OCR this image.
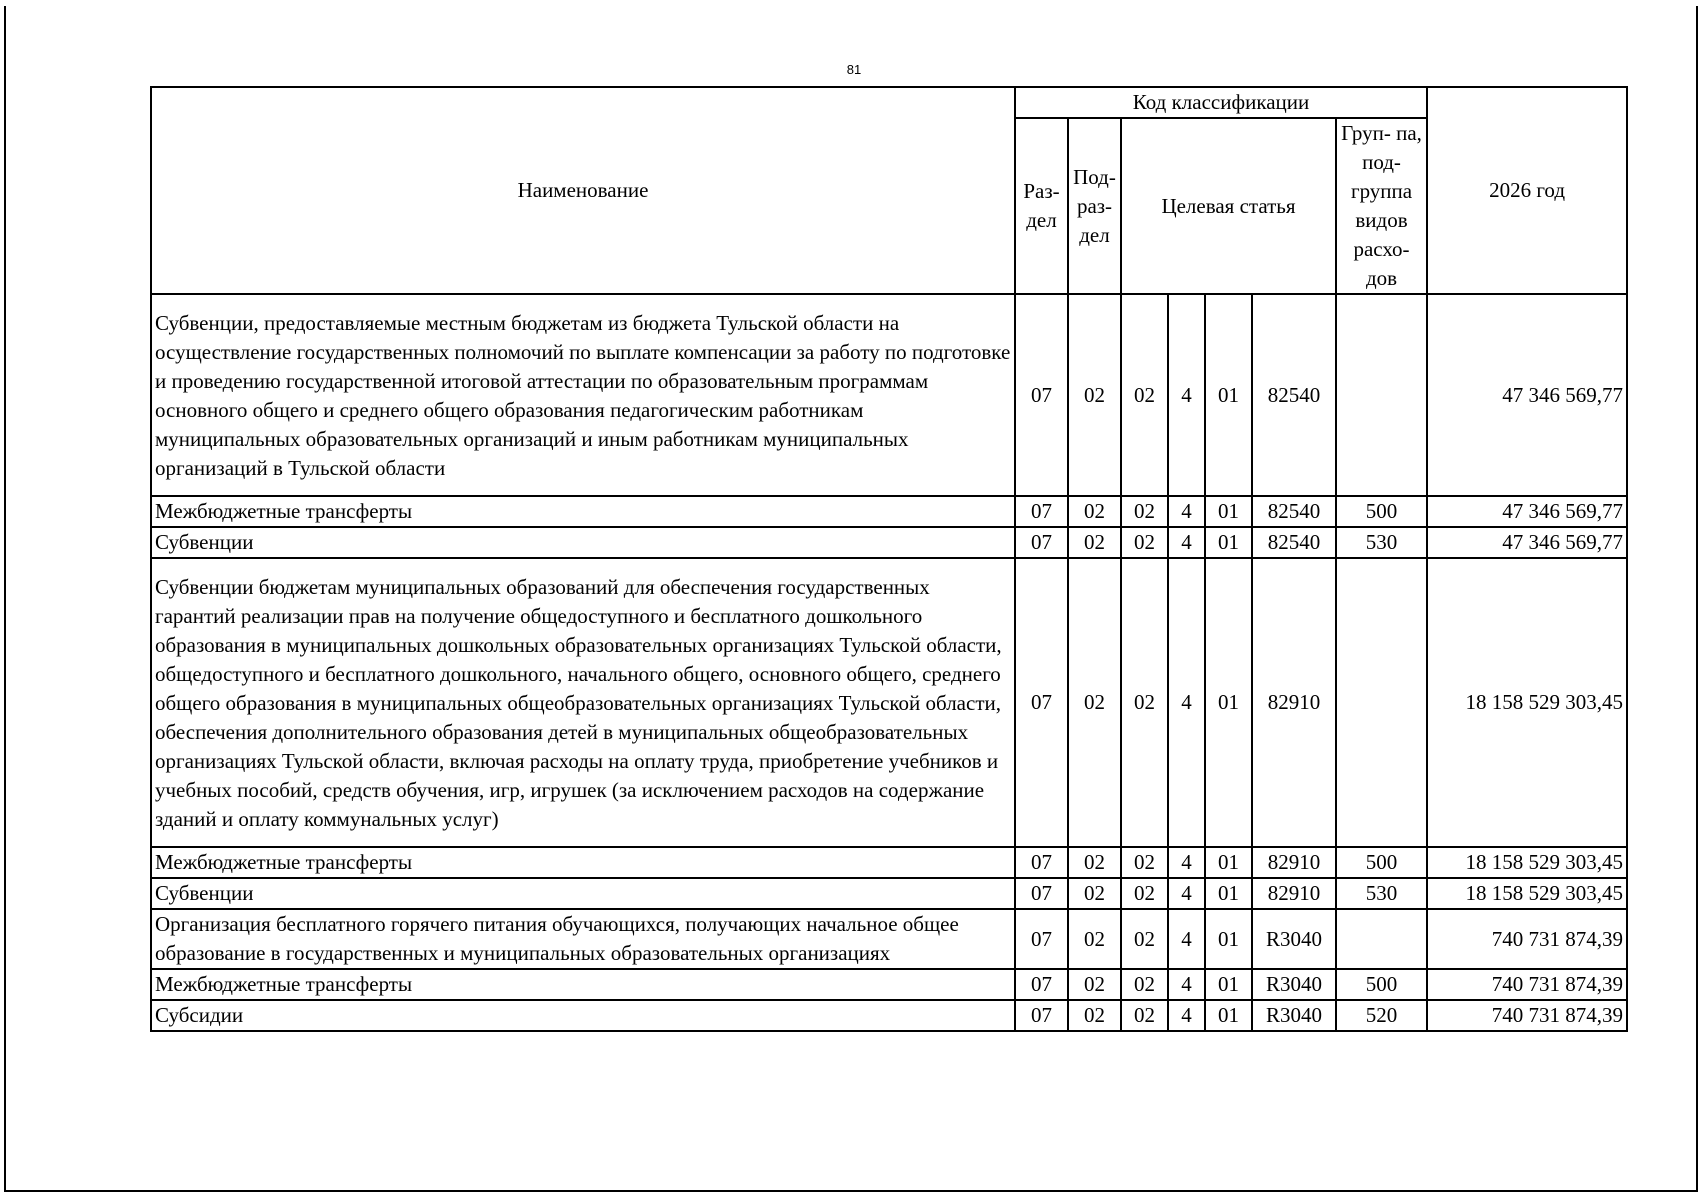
81
Наименование	Код классификации							2026 год
	Раз- дел	Под- раз- дел	Целевая статья				Груп- па, под- группа видов расхо- дов	
Субвенции, предоставляемые местным бюджетам из бюджета Тульской области на осуществление государственных полномочий по выплате компенсации за работу по подготовке и проведению государственной итоговой аттестации по образовательным программам основного общего и среднего общего образования педагогическим работникам муниципальных образовательных организаций и иным работникам муниципальных организаций в Тульской области	07	02	02	4	01	82540		47 346 569,77
Межбюджетные трансферты	07	02	02	4	01	82540	500	47 346 569,77
Субвенции	07	02	02	4	01	82540	530	47 346 569,77
Субвенции бюджетам муниципальных образований для обеспечения государственных гарантий реализации прав на получение общедоступного и бесплатного дошкольного образования в муниципальных дошкольных образовательных организациях Тульской области, общедоступного и бесплатного дошкольного, начального общего, основного общего, среднего общего образования в муниципальных общеобразовательных организациях Тульской области, обеспечения дополнительного образования детей в муниципальных общеобразовательных организациях Тульской области, включая расходы на оплату труда, приобретение учебников и учебных пособий, средств обучения, игр, игрушек (за исключением расходов на содержание зданий и оплату коммунальных услуг)	07	02	02	4	01	82910		18 158 529 303,45
Межбюджетные трансферты	07	02	02	4	01	82910	500	18 158 529 303,45
Субвенции	07	02	02	4	01	82910	530	18 158 529 303,45
Организация бесплатного горячего питания обучающихся, получающих начальное общее образование в государственных и муниципальных образовательных организациях	07	02	02	4	01	R3040		740 731 874,39
Межбюджетные трансферты	07	02	02	4	01	R3040	500	740 731 874,39
Субсидии	07	02	02	4	01	R3040	520	740 731 874,39
